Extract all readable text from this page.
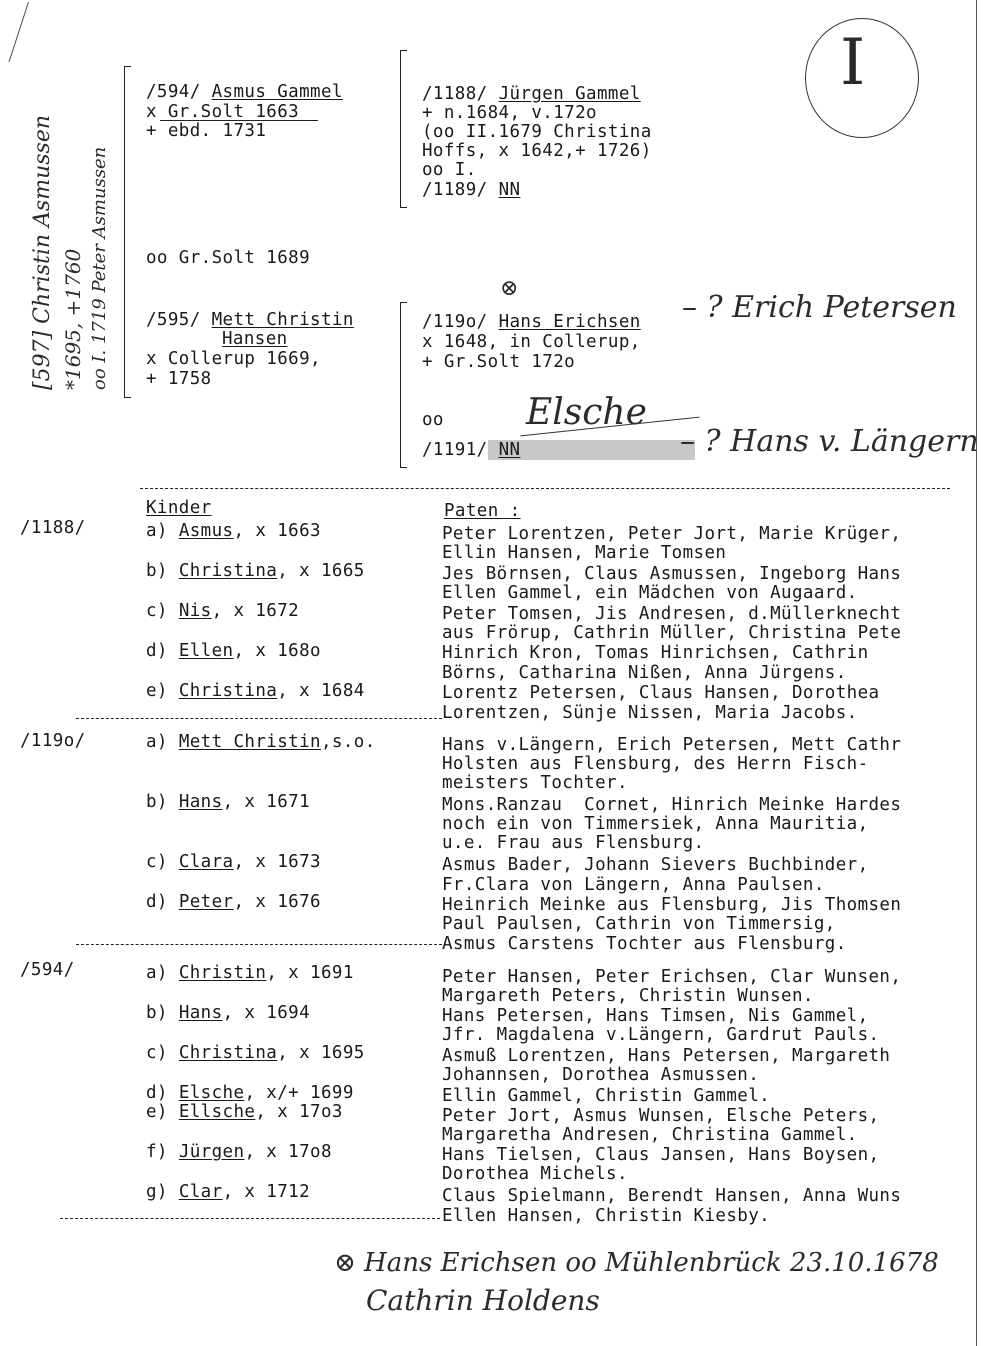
I
[597] Christin Asmussen *1695, +1760 oo I. 1719 Peter Asmussen
/594/ Asmus Gammel
x Gr.Solt 1663
+ ebd. 1731
oo Gr.Solt 1689
/595/ Mett Christin
Hansen
x Collerup 1669,
+ 1758
/1188/ Jürgen Gammel
+ n.1684, v.172o
(oo II.1679 Christina
Hoffs, x 1642,+ 1726)
oo I.
/1189/ NN
⊗
/119o/ Hans Erichsen – ? Erich Petersen
x 1648, in Collerup,
+ Gr.Solt 172o
oo Elsche
/1191/ NN	– ? Hans v. Längern
Kinder	Paten :
/1188/	a) Asmus, x 1663	Peter Lorentzen, Peter Jort, Marie Krüger,
Ellin Hansen, Marie Tomsen
b) Christina, x 1665	Jes Börnsen, Claus Asmussen, Ingeborg Hans
Ellen Gammel, ein Mädchen von Augaard.
c) Nis, x 1672	Peter Tomsen, Jis Andresen, d.Müllerknecht
aus Frörup, Cathrin Müller, Christina Pete
d) Ellen, x 168o	Hinrich Kron, Tomas Hinrichsen, Cathrin
Börns, Catharina Nißen, Anna Jürgens.
e) Christina, x 1684	Lorentz Petersen, Claus Hansen, Dorothea
Lorentzen, Sünje Nissen, Maria Jacobs.
/119o/	a) Mett Christin,s.o.	Hans v.Längern, Erich Petersen, Mett Cathr
Holsten aus Flensburg, des Herrn Fisch-
meisters Tochter.
b) Hans, x 1671	Mons.Ranzau  Cornet, Hinrich Meinke Hardes
noch ein von Timmersiek, Anna Mauritia,
u.e. Frau aus Flensburg.
c) Clara, x 1673	Asmus Bader, Johann Sievers Buchbinder,
Fr.Clara von Längern, Anna Paulsen.
d) Peter, x 1676	Heinrich Meinke aus Flensburg, Jis Thomsen
Paul Paulsen, Cathrin von Timmersig,
Asmus Carstens Tochter aus Flensburg.
/594/	a) Christin, x 1691	Peter Hansen, Peter Erichsen, Clar Wunsen,
Margareth Peters, Christin Wunsen.
b) Hans, x 1694	Hans Petersen, Hans Timsen, Nis Gammel,
Jfr. Magdalena v.Längern, Gardrut Pauls.
c) Christina, x 1695	Asmuß Lorentzen, Hans Petersen, Margareth
Johannsen, Dorothea Asmussen.
d) Elsche, x/+ 1699	Ellin Gammel, Christin Gammel.
e) Ellsche, x 17o3	Peter Jort, Asmus Wunsen, Elsche Peters,
Margaretha Andresen, Christina Gammel.
f) Jürgen, x 17o8	Hans Tielsen, Claus Jansen, Hans Boysen,
Dorothea Michels.
g) Clar, x 1712	Claus Spielmann, Berendt Hansen, Anna Wuns
Ellen Hansen, Christin Kiesby.
⊗ Hans Erichsen oo Mühlenbrück 23.10.1678
Cathrin Holdens
